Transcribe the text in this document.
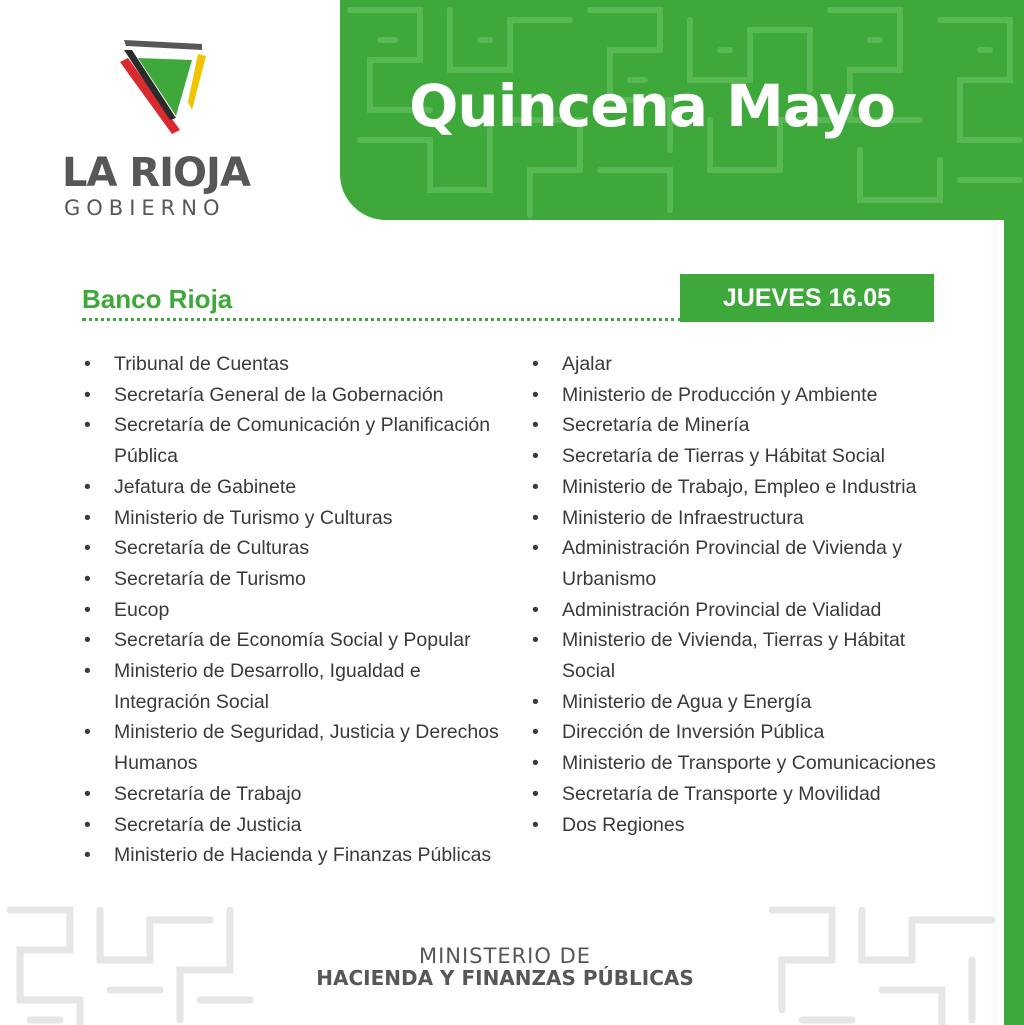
LA RIOJA
GOBIERNO
Quincena Mayo
Banco Rioja	JUEVES 16.05
• Tribunal de Cuentas
• Secretaría General de la Gobernación
• Secretaría de Comunicación y Planificación
Pública
• Jefatura de Gabinete
• Ministerio de Turismo y Culturas
• Secretaría de Culturas
• Secretaría de Turismo
• Eucop
• Secretaría de Economía Social y Popular
• Ministerio de Desarrollo, Igualdad e
Integración Social
• Ministerio de Seguridad, Justicia y Derechos
Humanos
• Secretaría de Trabajo
• Secretaría de Justicia
• Ministerio de Hacienda y Finanzas Públicas
• Ajalar
• Ministerio de Producción y Ambiente
• Secretaría de Minería
• Secretaría de Tierras y Hábitat Social
• Ministerio de Trabajo, Empleo e Industria
• Ministerio de Infraestructura
• Administración Provincial de Vivienda y
Urbanismo
• Administración Provincial de Vialidad
• Ministerio de Vivienda, Tierras y Hábitat
Social
• Ministerio de Agua y Energía
• Dirección de Inversión Pública
• Ministerio de Transporte y Comunicaciones
• Secretaría de Transporte y Movilidad
• Dos Regiones
MINISTERIO DE
HACIENDA Y FINANZAS PÚBLICAS
